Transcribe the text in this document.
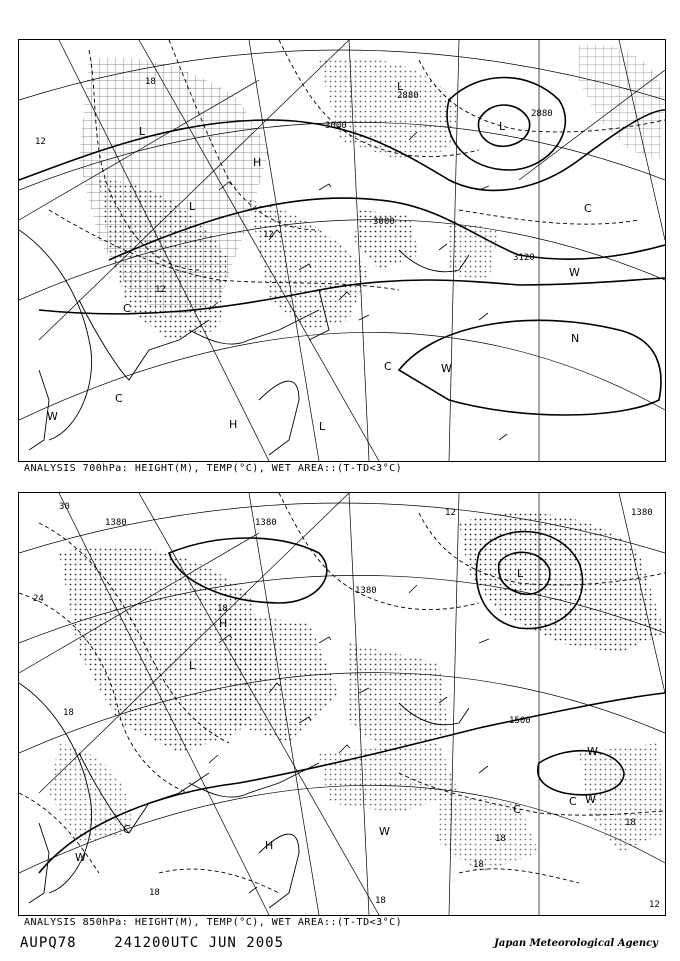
2880
2880
3000
3000
3120
12
18
12
12
L
L
L
H
L
H
L	C
C
C
C
W
W
W
N
ANALYSIS 700hPa: HEIGHT(M), TEMP(°C), WET AREA::(T-TD<3°C)
1380	1380
1500
1380
1380
30
24
18
18
12
18
18
18
18
18	12
L
L
H
W
W
W
W
C
C
C
H
ANALYSIS 850hPa: HEIGHT(M), TEMP(°C), WET AREA::(T-TD<3°C)
AUPQ78    241200UTC JUN 2005	Japan Meteorological Agency
